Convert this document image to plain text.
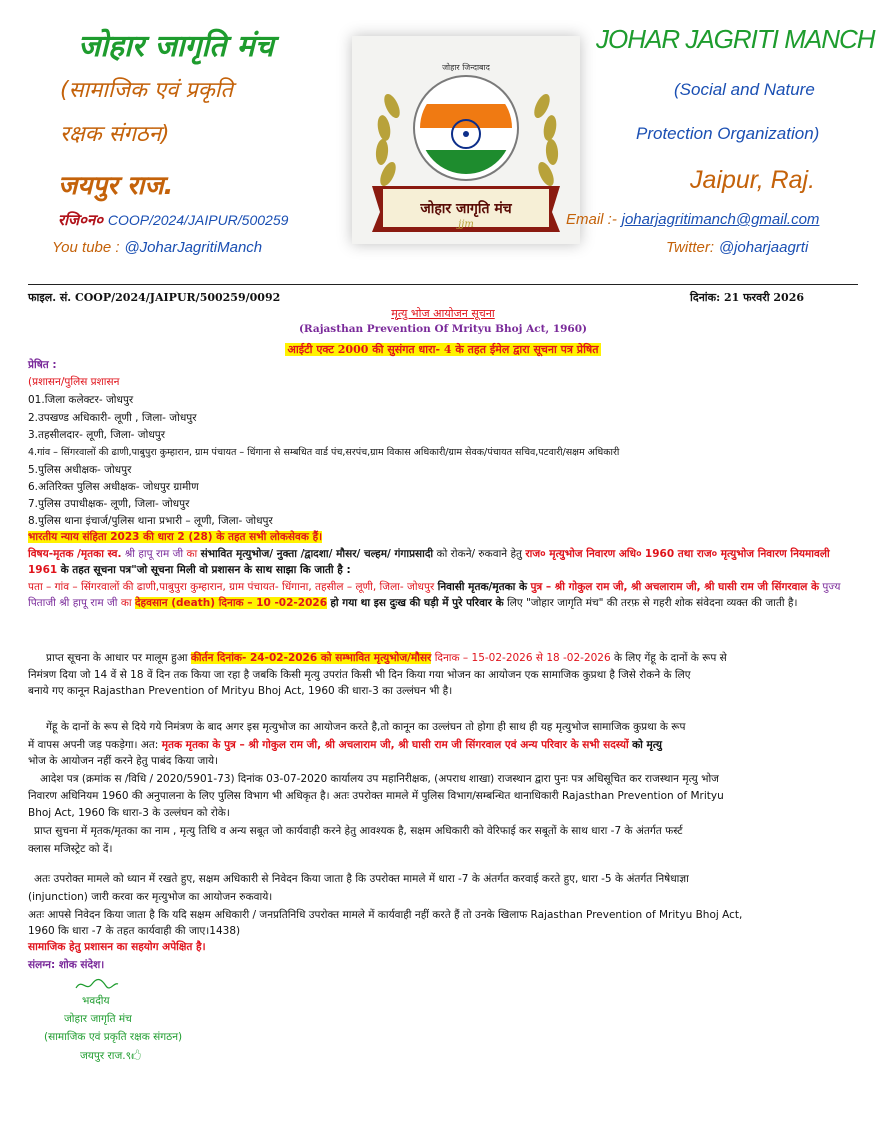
जोहार जागृति मंच
(सामाजिक एवं प्रकृति
रक्षक संगठन)
जयपुर राज.
रजि०न० COOP/2024/JAIPUR/500259
You tube : @JoharJagritiManch
जोहार जिन्दाबाद
जोहार जागृति मंच
jjm
JOHAR JAGRITI MANCH
(Social and Nature
Protection Organization)
Jaipur, Raj.
Email :- joharjagritimanch@gmail.com
Twitter: @joharjaagrti
फाइल. सं. COOP/2024/JAIPUR/500259/0092	दिनांक: 21 फरवरी 2026
मृत्यु भोज आयोजन सूचना
(Rajasthan Prevention Of Mrityu Bhoj Act, 1960)
आईटी एक्ट 2000 की सुसंगत धारा- 4 के तहत ईमेल द्वारा सूचना पत्र प्रेषित
प्रेषित :
(प्रशासन/पुलिस प्रशासन
01.जिला कलेक्टर- जोधपुर
2.उपखण्ड अधिकारी- लूणी , जिला- जोधपुर
3.तहसीलदार- लूणी, जिला- जोधपुर
4.गांव – सिंगरवालों की ढाणी,पाबुपुरा कुम्हारान, ग्राम पंचायत – धिंगाना से सम्बधित वार्ड पंच,सरपंच,ग्राम विकास अधिकारी/ग्राम सेवक/पंचायत सचिव,पटवारी/सक्षम अधिकारी
5.पुलिस अधीक्षक- जोधपुर
6.अतिरिक्त पुलिस अधीक्षक- जोधपुर ग्रामीण
7.पुलिस उपाधीक्षक- लूणी, जिला- जोधपुर
8.पुलिस थाना इंचार्ज/पुलिस थाना प्रभारी – लूणी, जिला- जोधपुर
भारतीय न्याय संहिता 2023 की धारा 2 (28) के तहत सभी लोकसेवक हैं।
विषय-मृतक /मृतका स्व. श्री हापू राम जी का संभावित मृत्युभोज/ नुक्ता /द्वादशा/ मौसर/ चल्हम/ गंगाप्रसादी को रोकने/ रुकवाने हेतु राज० मृत्युभोज निवारण अधि० 1960 तथा राज० मृत्युभोज निवारण नियमावली 1961 के तहत सूचना पत्र"जो सूचना मिली वो प्रशासन के साथ साझा कि जाती है :
पता – गांव – सिंगरवालों की ढाणी,पाबुपुरा कुम्हारान, ग्राम पंचायत- धिंगाना, तहसील – लूणी, जिला- जोधपुर निवासी मृतक/मृतका के पुत्र – श्री गोकुल राम जी, श्री अचलाराम जी, श्री घासी राम जी सिंगरवाल के पुज्य पिताजी श्री हापू राम जी का देहवसान (death) दिनाक – 10 -02-2026 हो गया था इस दुःख की घड़ी में पुरे परिवार के लिए "जोहार जागृति मंच" की तरफ़ से गहरी शोक संवेदना व्यक्त की जाती है।
प्राप्त सूचना के आधार पर मालूम हुआ कीर्तन दिनांक- 24-02-2026 को सम्भावित मृत्युभोज/मौसर दिनाक – 15-02-2026 से 18 -02-2026 के लिए गेंहू के दानों के रूप से
निमंत्रण दिया जो 14 वें से 18 वें दिन तक किया जा रहा है जबकि किसी मृत्यु उपरांत किसी भी दिन किया गया भोजन का आयोजन एक सामाजिक कुप्रथा है जिसे रोकने के लिए
बनाये गए कानून Rajasthan Prevention of Mrityu Bhoj Act, 1960 की धारा-3 का उल्लंघन भी है।
गेंहू के दानों के रूप से दिये गये निमंत्रण के बाद अगर इस मृत्युभोज का आयोजन करते है,तो कानून का उल्लंघन तो होगा ही साथ ही यह मृत्युभोज सामाजिक कुप्रथा के रूप
में वापस अपनी जड़ पकड़ेगा। अत: मृतक मृतका के पुत्र – श्री गोकुल राम जी, श्री अचलाराम जी, श्री घासी राम जी सिंगरवाल एवं अन्य परिवार के सभी सदस्यों को मृत्यु
भोज के आयोजन नहीं करने हेतु पाबंद किया जाये।
आदेश पत्र (क्रमांक स /विधि / 2020/5901-73) दिनांक 03-07-2020 कार्यालय उप महानिरीक्षक, (अपराध शाखा) राजस्थान द्वारा पुनः पत्र अधिसूचित कर राजस्थान मृत्यु भोज
निवारण अधिनियम 1960 की अनुपालना के लिए पुलिस विभाग भी अधिकृत है। अतः उपरोक्त मामले में पुलिस विभाग/सम्बन्धित थानाधिकारी Rajasthan Prevention of Mrityu
Bhoj Act, 1960 कि धारा-3 के उल्लंघन को रोके।
प्राप्त सुचना में मृतक/मृतका का नाम , मृत्यु तिथि व अन्य सबूत जो कार्यवाही करने हेतु आवश्यक है, सक्षम अधिकारी को वेरिफाई कर सबूतों के साथ धारा -7 के अंतर्गत फर्स्ट
क्लास मजिस्ट्रेट को दें।
अतः उपरोक्त मामले को ध्यान में रखते हुए, सक्षम अधिकारी से निवेदन किया जाता है कि उपरोक्त मामले में धारा -7 के अंतर्गत करवाई करते हुए, धारा -5 के अंतर्गत निषेधाज्ञा
(injunction) जारी करवा कर मृत्युभोज का आयोजन रुकवाये।
अतः आपसे निवेदन किया जाता है कि यदि सक्षम अधिकारी / जनप्रतिनिधि उपरोक्त मामले में कार्यवाही नहीं करते हैं तो उनके खिलाफ Rajasthan Prevention of Mrityu Bhoj Act,
1960 कि धारा -7 के तहत कार्यवाही की जाए।1438)
सामाजिक हेतु प्रशासन का सहयोग अपेक्षित है।
संलग्न: शोक संदेश।
भवदीय
जोहार जागृति मंच
(सामाजिक एवं प्रकृति रक्षक संगठन)
जयपुर राज.९🖒
